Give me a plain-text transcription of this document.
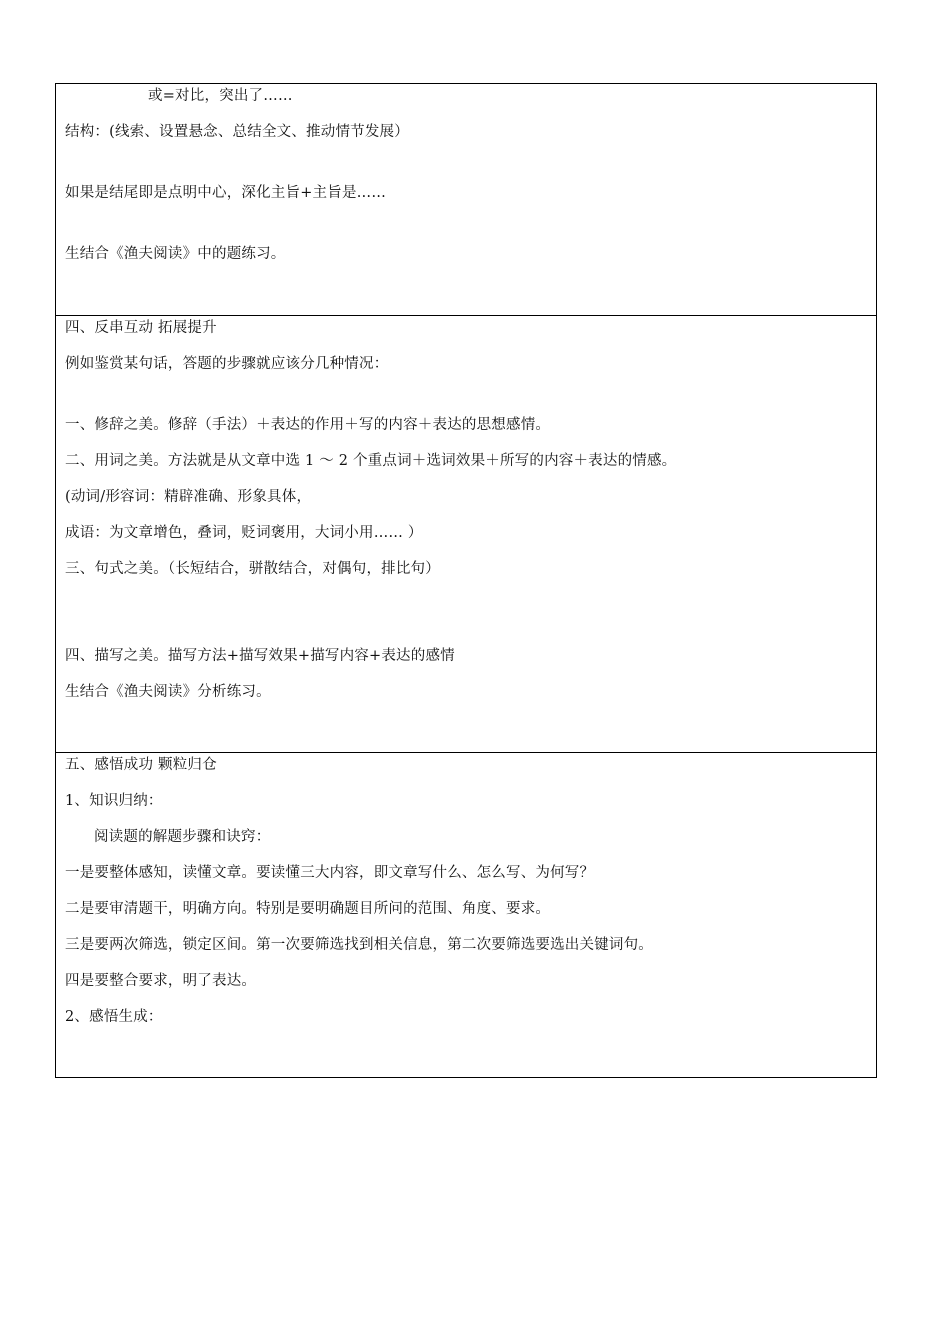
或=对比，突出了……
结构：(线索、设置悬念、总结全文、推动情节发展）
如果是结尾即是点明中心，深化主旨+主旨是……
生结合《渔夫阅读》中的题练习。
四、反串互动 拓展提升
例如鉴赏某句话，答题的步骤就应该分几种情况：
一、修辞之美。修辞（手法）＋表达的作用＋写的内容＋表达的思想感情。
二、用词之美。方法就是从文章中选 1 ～ 2 个重点词＋选词效果＋所写的内容＋表达的情感。
(动词/形容词：精辟准确、形象具体，
成语：为文章增色，叠词，贬词褒用，大词小用…… ）
三、句式之美。（长短结合，骈散结合，对偶句，排比句）
四、描写之美。描写方法+描写效果+描写内容+表达的感情
生结合《渔夫阅读》分析练习。
五、感悟成功 颗粒归仓
1、知识归纳：
阅读题的解题步骤和诀窍：
一是要整体感知，读懂文章。要读懂三大内容，即文章写什么、怎么写、为何写？
二是要审清题干，明确方向。特别是要明确题目所问的范围、角度、要求。
三是要两次筛选，锁定区间。第一次要筛选找到相关信息，第二次要筛选要选出关键词句。
四是要整合要求，明了表达。
2、感悟生成：
